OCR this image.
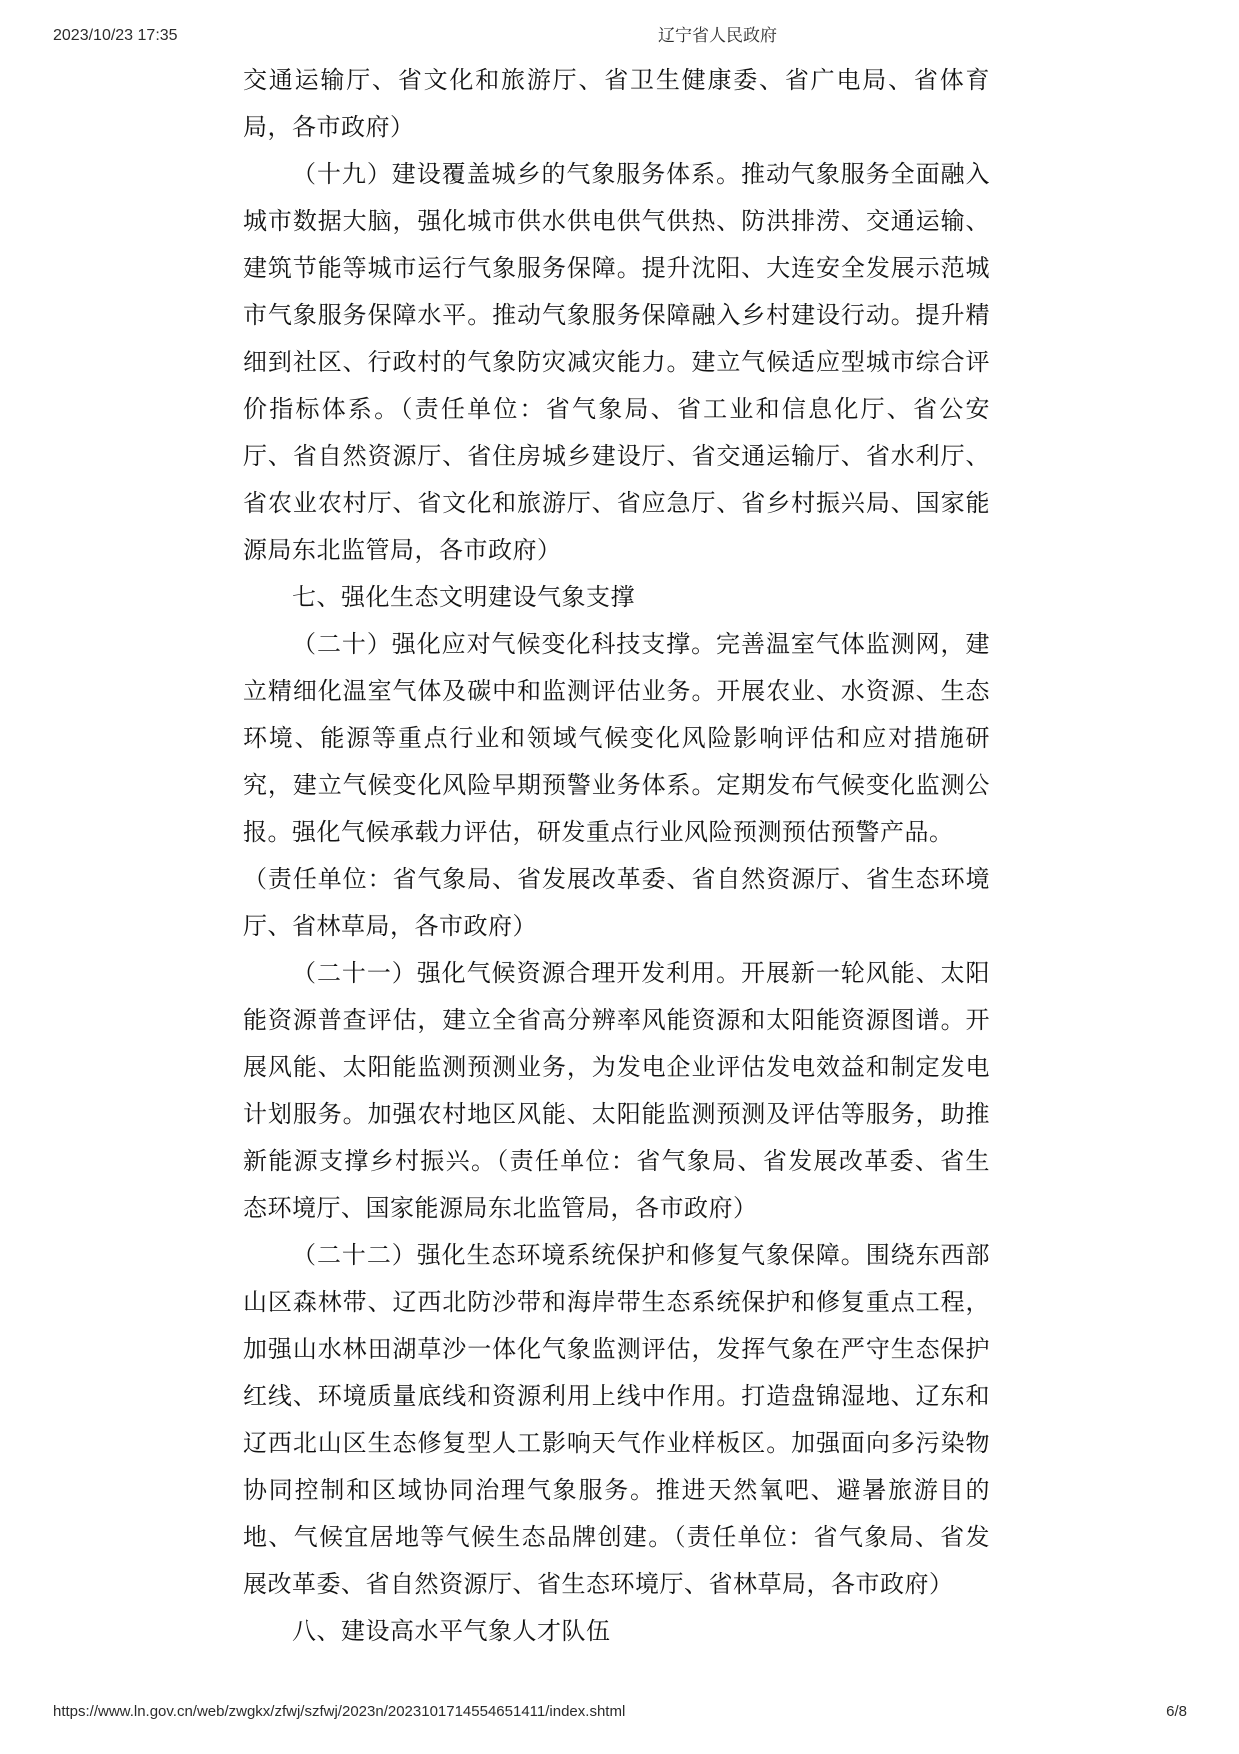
2023/10/23 17:35	辽宁省人民政府
交通运输厅、省文化和旅游厅、省卫生健康委、省广电局、省体育
局，各市政府）
（十九）建设覆盖城乡的气象服务体系。推动气象服务全面融入
城市数据大脑，强化城市供水供电供气供热、防洪排涝、交通运输、
建筑节能等城市运行气象服务保障。提升沈阳、大连安全发展示范城
市气象服务保障水平。推动气象服务保障融入乡村建设行动。提升精
细到社区、行政村的气象防灾减灾能力。建立气候适应型城市综合评
价指标体系。（责任单位：省气象局、省工业和信息化厅、省公安
厅、省自然资源厅、省住房城乡建设厅、省交通运输厅、省水利厅、
省农业农村厅、省文化和旅游厅、省应急厅、省乡村振兴局、国家能
源局东北监管局，各市政府）
七、强化生态文明建设气象支撑
（二十）强化应对气候变化科技支撑。完善温室气体监测网，建
立精细化温室气体及碳中和监测评估业务。开展农业、水资源、生态
环境、能源等重点行业和领域气候变化风险影响评估和应对措施研
究，建立气候变化风险早期预警业务体系。定期发布气候变化监测公
报。强化气候承载力评估，研发重点行业风险预测预估预警产品。
（责任单位：省气象局、省发展改革委、省自然资源厅、省生态环境
厅、省林草局，各市政府）
（二十一）强化气候资源合理开发利用。开展新一轮风能、太阳
能资源普查评估，建立全省高分辨率风能资源和太阳能资源图谱。开
展风能、太阳能监测预测业务，为发电企业评估发电效益和制定发电
计划服务。加强农村地区风能、太阳能监测预测及评估等服务，助推
新能源支撑乡村振兴。（责任单位：省气象局、省发展改革委、省生
态环境厅、国家能源局东北监管局，各市政府）
（二十二）强化生态环境系统保护和修复气象保障。围绕东西部
山区森林带、辽西北防沙带和海岸带生态系统保护和修复重点工程，
加强山水林田湖草沙一体化气象监测评估，发挥气象在严守生态保护
红线、环境质量底线和资源利用上线中作用。打造盘锦湿地、辽东和
辽西北山区生态修复型人工影响天气作业样板区。加强面向多污染物
协同控制和区域协同治理气象服务。推进天然氧吧、避暑旅游目的
地、气候宜居地等气候生态品牌创建。（责任单位：省气象局、省发
展改革委、省自然资源厅、省生态环境厅、省林草局，各市政府）
八、建设高水平气象人才队伍
https://www.ln.gov.cn/web/zwgkx/zfwj/szfwj/2023n/2023101714554651411/index.shtml	6/8
